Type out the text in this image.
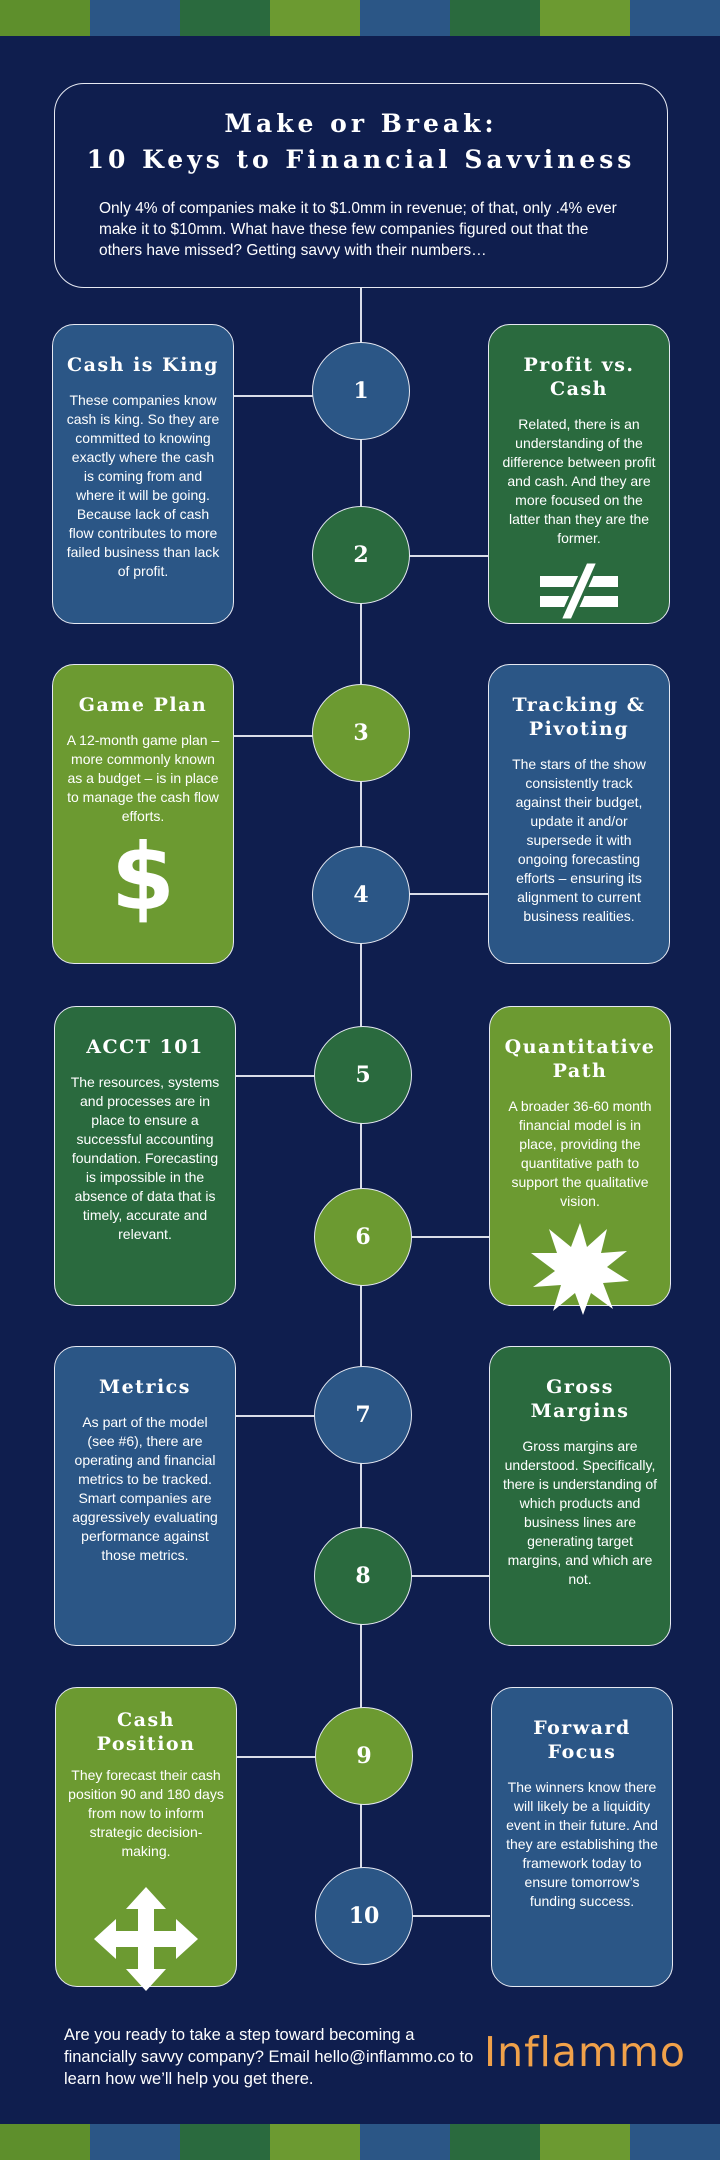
Make or Break:
10 Keys to Financial Savviness
Only 4% of companies make it to $1.0mm in revenue; of that, only .4% ever make it to $10mm. What have these few companies figured out that the others have missed? Getting savvy with their numbers…
Cash is King
These companies know cash is king. So they are committed to knowing exactly where the cash is coming from and where it will be going. Because lack of cash flow contributes to more failed business than lack of profit.
1
Profit vs. Cash
Related, there is an understanding of the difference between profit and cash. And they are more focused on the latter than they are the former.
2
Game Plan
A 12-month game plan – more commonly known as a budget – is in place to manage the cash flow efforts.
$
3
Tracking & Pivoting
The stars of the show consistently track against their budget, update it and/or supersede it with ongoing forecasting efforts – ensuring its alignment to current business realities.
4
ACCT 101
The resources, systems and processes are in place to ensure a successful accounting foundation. Forecasting is impossible in the absence of data that is timely, accurate and relevant.
5
Quantitative Path
A broader 36-60 month financial model is in place, providing the quantitative path to support the qualitative vision.
6
Metrics
As part of the model (see #6), there are operating and financial metrics to be tracked. Smart companies are aggressively evaluating performance against those metrics.
7
Gross Margins
Gross margins are understood. Specifically, there is understanding of which products and business lines are generating target margins, and which are not.
8
Cash Position
They forecast their cash position 90 and 180 days from now to inform strategic decision-making.
9
Forward Focus
The winners know there will likely be a liquidity event in their future. And they are establishing the framework today to ensure tomorrow’s funding success.
10
Are you ready to take a step toward becoming a financially savvy company? Email hello@inflammo.co to learn how we’ll help you get there.
Inflammo
